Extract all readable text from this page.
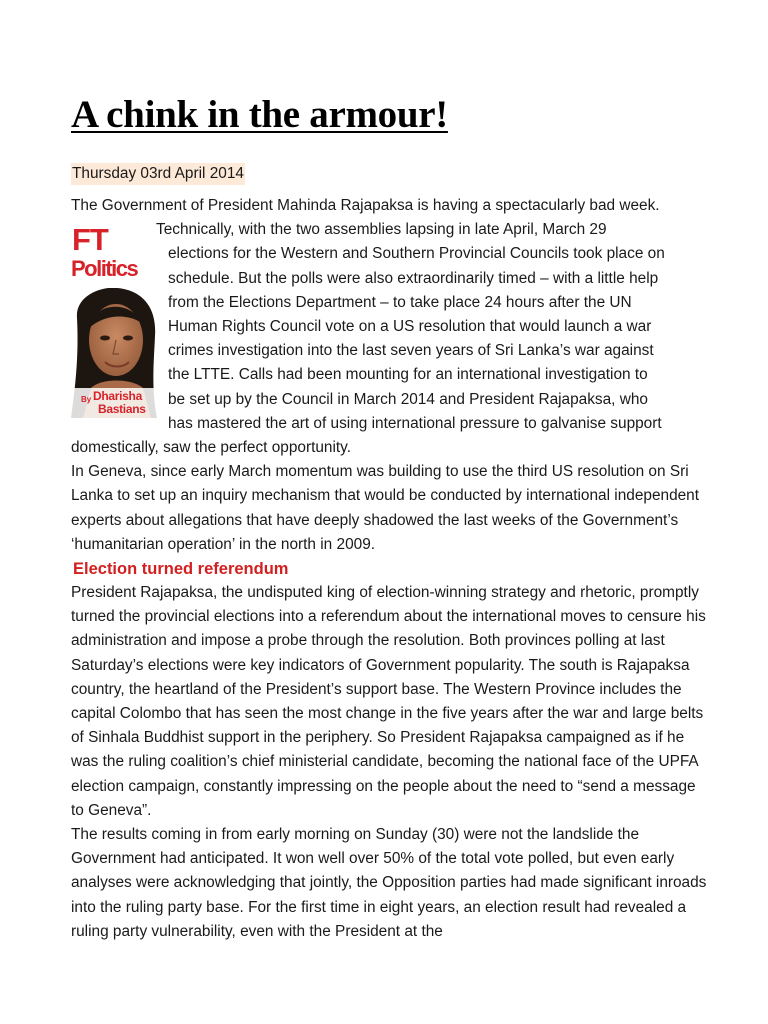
A chink in the armour!
Thursday 03rd April 2014
FT
Politics
By Dharisha
Bastians

The Government of President Mahinda Rajapaksa is having a spectacularly bad week.

Technically, with the two assemblies lapsing in late April, March 29

elections for the Western and Southern Provincial Councils took place on

schedule. But the polls were also extraordinarily timed – with a little help

from the Elections Department – to take place 24 hours after the UN

Human Rights Council vote on a US resolution that would launch a war

crimes investigation into the last seven years of Sri Lanka’s war against

the LTTE. Calls had been mounting for an international investigation to

be set up by the Council in March 2014 and President Rajapaksa, who

has mastered the art of using international pressure to galvanise support

domestically, saw the perfect opportunity.

In Geneva, since early March momentum was building to use the third US resolution on Sri Lanka to set up an inquiry mechanism that would be conducted by international independent experts about allegations that have deeply shadowed the last weeks of the Government’s ‘humanitarian operation’ in the north in 2009.

Election turned referendum

President Rajapaksa, the undisputed king of election-winning strategy and rhetoric, promptly turned the provincial elections into a referendum about the international moves to censure his administration and impose a probe through the resolution. Both provinces polling at last Saturday’s elections were key indicators of Government popularity. The south is Rajapaksa country, the heartland of the President’s support base. The Western Province includes the capital Colombo that has seen the most change in the five years after the war and large belts of Sinhala Buddhist support in the periphery. So President Rajapaksa campaigned as if he was the ruling coalition’s chief ministerial candidate, becoming the national face of the UPFA election campaign, constantly impressing on the people about the need to “send a message to Geneva”.

The results coming in from early morning on Sunday (30) were not the landslide the Government had anticipated. It won well over 50% of the total vote polled, but even early analyses were acknowledging that jointly, the Opposition parties had made significant inroads into the ruling party base. For the first time in eight years, an election result had revealed a ruling party vulnerability, even with the President at the
